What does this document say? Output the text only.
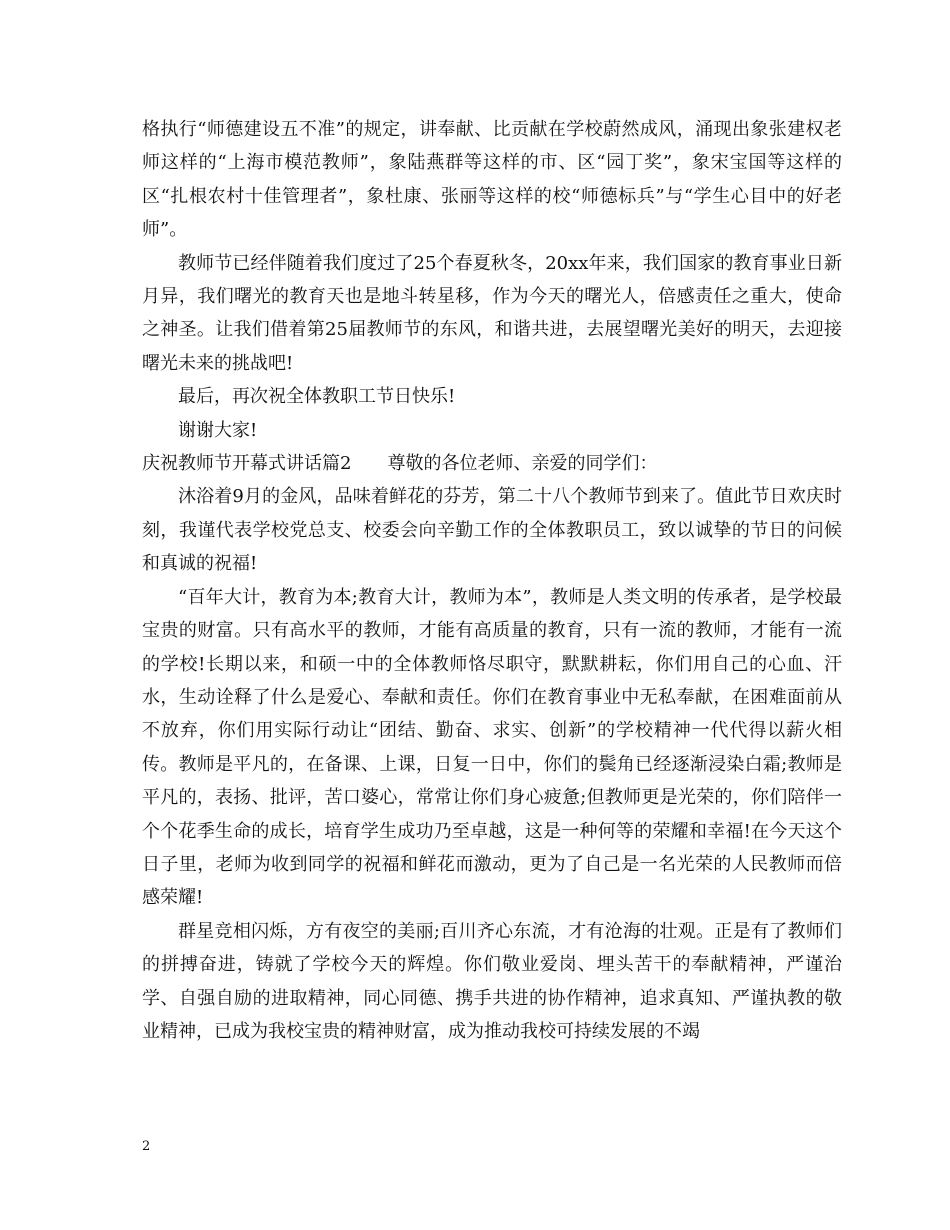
格执行“师德建设五不准”的规定，讲奉献、比贡献在学校蔚然成风，涌现出象张建权老师这样的“上海市模范教师”，象陆燕群等这样的市、区“园丁奖”，象宋宝国等这样的区“扎根农村十佳管理者”，象杜康、张丽等这样的校“师德标兵”与“学生心目中的好老师”。

教师节已经伴随着我们度过了25个春夏秋冬，20xx年来，我们国家的教育事业日新月异，我们曙光的教育天也是地斗转星移，作为今天的曙光人，倍感责任之重大，使命之神圣。让我们借着第25届教师节的东风，和谐共进，去展望曙光美好的明天，去迎接曙光未来的挑战吧!

最后，再次祝全体教职工节日快乐!

谢谢大家!

庆祝教师节开幕式讲话篇2　　尊敬的各位老师、亲爱的同学们：

沐浴着9月的金风，品味着鲜花的芬芳，第二十八个教师节到来了。值此节日欢庆时刻，我谨代表学校党总支、校委会向辛勤工作的全体教职员工，致以诚挚的节日的问候和真诚的祝福!

“百年大计，教育为本;教育大计，教师为本”，教师是人类文明的传承者，是学校最宝贵的财富。只有高水平的教师，才能有高质量的教育，只有一流的教师，才能有一流的学校!长期以来，和硕一中的全体教师恪尽职守，默默耕耘，你们用自己的心血、汗水，生动诠释了什么是爱心、奉献和责任。你们在教育事业中无私奉献，在困难面前从不放弃，你们用实际行动让“团结、勤奋、求实、创新”的学校精神一代代得以薪火相传。教师是平凡的，在备课、上课，日复一日中，你们的鬓角已经逐渐浸染白霜;教师是平凡的，表扬、批评，苦口婆心，常常让你们身心疲惫;但教师更是光荣的，你们陪伴一个个花季生命的成长，培育学生成功乃至卓越，这是一种何等的荣耀和幸福!在今天这个日子里，老师为收到同学的祝福和鲜花而激动，更为了自己是一名光荣的人民教师而倍感荣耀!

群星竞相闪烁，方有夜空的美丽;百川齐心东流，才有沧海的壮观。正是有了教师们的拼搏奋进，铸就了学校今天的辉煌。你们敬业爱岗、埋头苦干的奉献精神，严谨治学、自强自励的进取精神，同心同德、携手共进的协作精神，追求真知、严谨执教的敬业精神，已成为我校宝贵的精神财富，成为推动我校可持续发展的不竭

2
